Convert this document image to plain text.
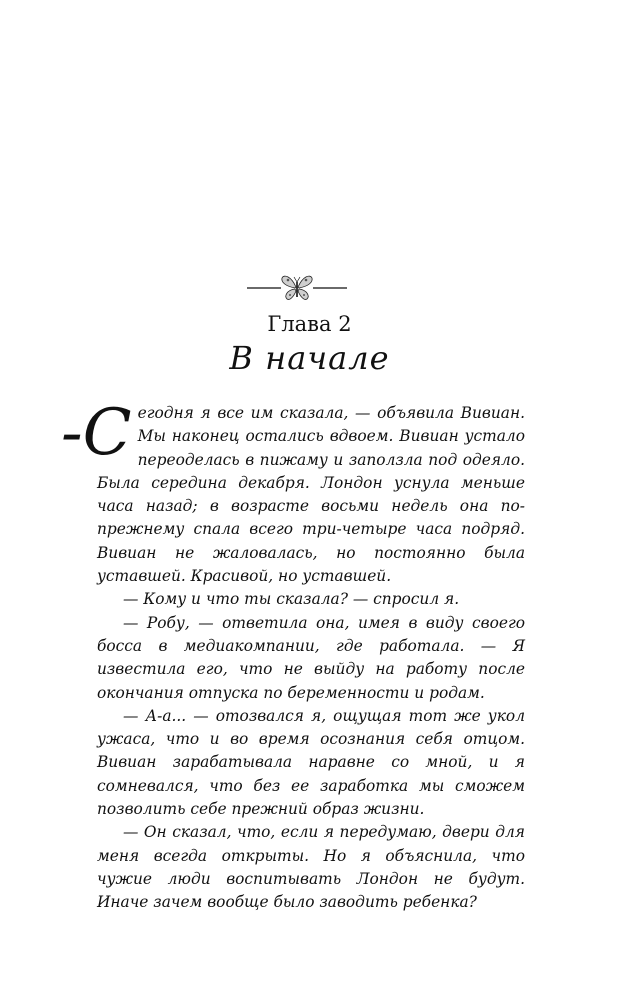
Глава 2
В начале

-С егодня я все им сказала, — объявила Вивиан. Мы наконец остались вдвоем. Вивиан устало переоделась в пижаму и заползла под одеяло. Была середина декабря. Лондон уснула меньше часа назад; в возрасте восьми недель она по-прежнему спала всего три-четыре часа подряд. Вивиан не жаловалась, но постоянно была уставшей. Красивой, но уставшей.

— Кому и что ты сказала? — спросил я.

— Робу, — ответила она, имея в виду своего босса в медиакомпании, где работала. — Я известила его, что не выйду на работу после окончания отпуска по беременности и родам.

— А-а... — отозвался я, ощущая тот же укол ужаса, что и во время осознания себя отцом. Вивиан зарабатывала наравне со мной, и я сомневался, что без ее заработка мы сможем позволить себе прежний образ жизни.

— Он сказал, что, если я передумаю, двери для меня всегда открыты. Но я объяснила, что чужие люди воспитывать Лондон не будут. Иначе зачем вообще было заводить ребенка?
